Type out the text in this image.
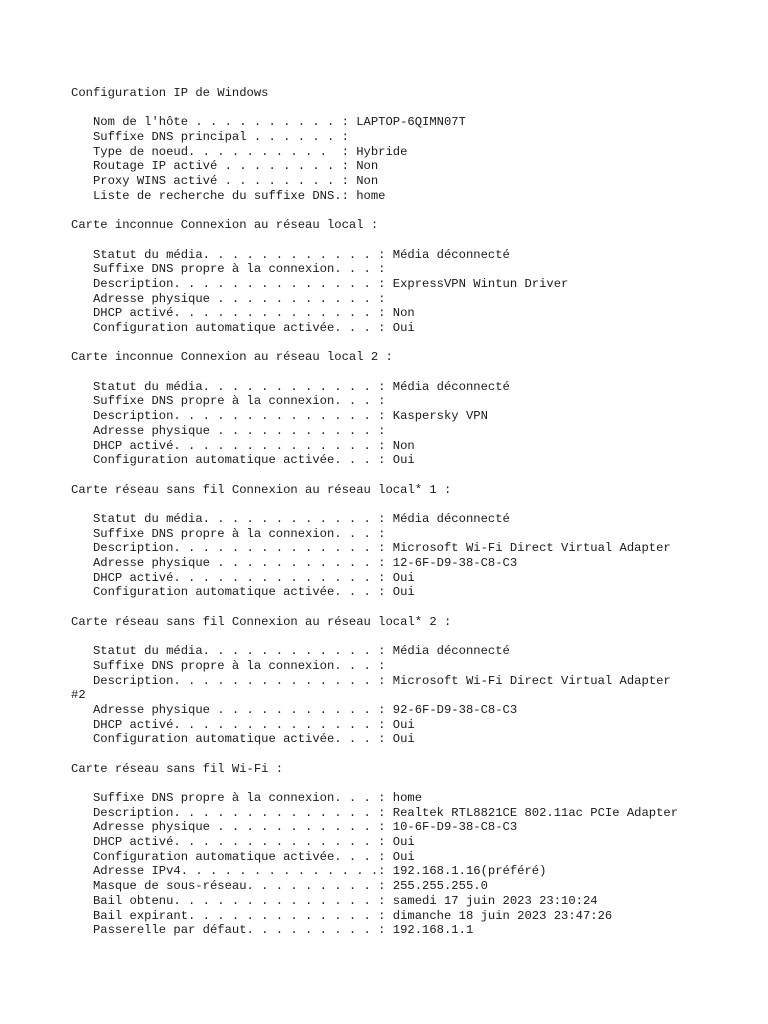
Configuration IP de Windows
Nom de l'hôte . . . . . . . . . . : LAPTOP-6QIMN07T
Suffixe DNS principal . . . . . . :
Type de noeud. . . . . . . . . .  : Hybride
Routage IP activé . . . . . . . . : Non
Proxy WINS activé . . . . . . . . : Non
Liste de recherche du suffixe DNS.: home
Carte inconnue Connexion au réseau local :
Statut du média. . . . . . . . . . . . : Média déconnecté
Suffixe DNS propre à la connexion. . . :
Description. . . . . . . . . . . . . . : ExpressVPN Wintun Driver
Adresse physique . . . . . . . . . . . :
DHCP activé. . . . . . . . . . . . . . : Non
Configuration automatique activée. . . : Oui
Carte inconnue Connexion au réseau local 2 :
Statut du média. . . . . . . . . . . . : Média déconnecté
Suffixe DNS propre à la connexion. . . :
Description. . . . . . . . . . . . . . : Kaspersky VPN
Adresse physique . . . . . . . . . . . :
DHCP activé. . . . . . . . . . . . . . : Non
Configuration automatique activée. . . : Oui
Carte réseau sans fil Connexion au réseau local* 1 :
Statut du média. . . . . . . . . . . . : Média déconnecté
Suffixe DNS propre à la connexion. . . :
Description. . . . . . . . . . . . . . : Microsoft Wi-Fi Direct Virtual Adapter
Adresse physique . . . . . . . . . . . : 12-6F-D9-38-C8-C3
DHCP activé. . . . . . . . . . . . . . : Oui
Configuration automatique activée. . . : Oui
Carte réseau sans fil Connexion au réseau local* 2 :
Statut du média. . . . . . . . . . . . : Média déconnecté
Suffixe DNS propre à la connexion. . . :
Description. . . . . . . . . . . . . . : Microsoft Wi-Fi Direct Virtual Adapter
#2
Adresse physique . . . . . . . . . . . : 92-6F-D9-38-C8-C3
DHCP activé. . . . . . . . . . . . . . : Oui
Configuration automatique activée. . . : Oui
Carte réseau sans fil Wi-Fi :
Suffixe DNS propre à la connexion. . . : home
Description. . . . . . . . . . . . . . : Realtek RTL8821CE 802.11ac PCIe Adapter
Adresse physique . . . . . . . . . . . : 10-6F-D9-38-C8-C3
DHCP activé. . . . . . . . . . . . . . : Oui
Configuration automatique activée. . . : Oui
Adresse IPv4. . . . . . . . . . . . . .: 192.168.1.16(préféré)
Masque de sous-réseau. . . . . . . . . : 255.255.255.0
Bail obtenu. . . . . . . . . . . . . . : samedi 17 juin 2023 23:10:24
Bail expirant. . . . . . . . . . . . . : dimanche 18 juin 2023 23:47:26
Passerelle par défaut. . . . . . . . . : 192.168.1.1
